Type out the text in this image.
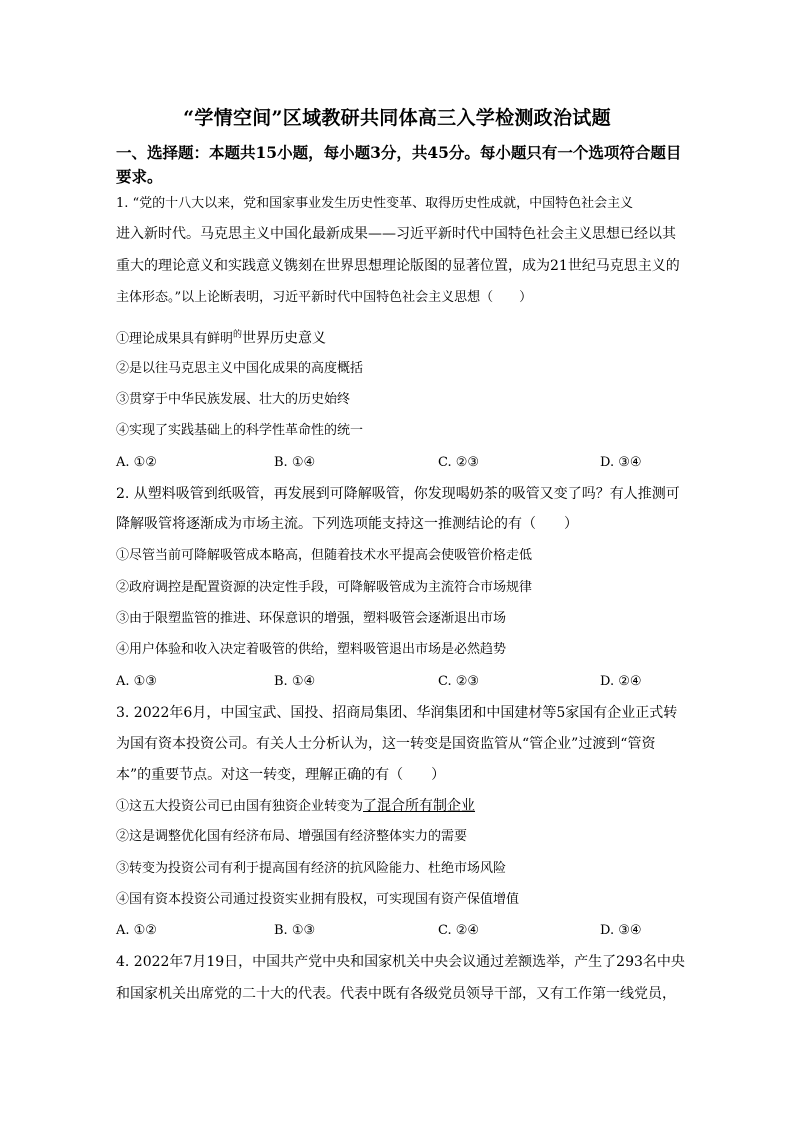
“学情空间”区域教研共同体高三入学检测政治试题
一、选择题：本题共15小题，每小题3分，共45分。每小题只有一个选项符合题目要求。
1. “党的十八大以来，党和国家事业发生历史性变革、取得历史性成就，中国特色社会主义
进入新时代。马克思主义中国化最新成果——习近平新时代中国特色社会主义思想已经以其
重大的理论意义和实践意义镌刻在世界思想理论版图的显著位置，成为21世纪马克思主义的
主体形态。”以上论断表明，习近平新时代中国特色社会主义思想（　　）
①理论成果具有鲜明$^的$世界历史意义
②是以往马克思主义中国化成果的高度概括
③贯穿于中华民族发展、壮大的历史始终
④实现了实践基础上的科学性革命性的统一
A. ①②	B. ①④	C. ②③	D. ③④
2. 从塑料吸管到纸吸管，再发展到可降解吸管，你发现喝奶茶的吸管又变了吗？有人推测可
降解吸管将逐渐成为市场主流。下列选项能支持这一推测结论的有（　　）
①尽管当前可降解吸管成本略高，但随着技术水平提高会使吸管价格走低
②政府调控是配置资源的决定性手段，可降解吸管成为主流符合市场规律
③由于限塑监管的推进、环保意识的增强，塑料吸管会逐渐退出市场
④用户体验和收入决定着吸管的供给，塑料吸管退出市场是必然趋势
A. ①③	B. ①④	C. ②③	D. ②④
3. 2022年6月，中国宝武、国投、招商局集团、华润集团和中国建材等5家国有企业正式转
为国有资本投资公司。有关人士分析认为，这一转变是国资监管从“管企业”过渡到“管资
本”的重要节点。对这一转变，理解正确的有（　　）
①这五大投资公司已由国有独资企业转变为了混合所有制企业
②这是调整优化国有经济布局、增强国有经济整体实力的需要
③转变为投资公司有利于提高国有经济的抗风险能力、杜绝市场风险
④国有资本投资公司通过投资实业拥有股权，可实现国有资产保值增值
A. ①②	B. ①③	C. ②④	D. ③④
4. 2022年7月19日，中国共产党中央和国家机关中央会议通过差额选举，产生了293名中央
和国家机关出席党的二十大的代表。代表中既有各级党员领导干部，又有工作第一线党员，
